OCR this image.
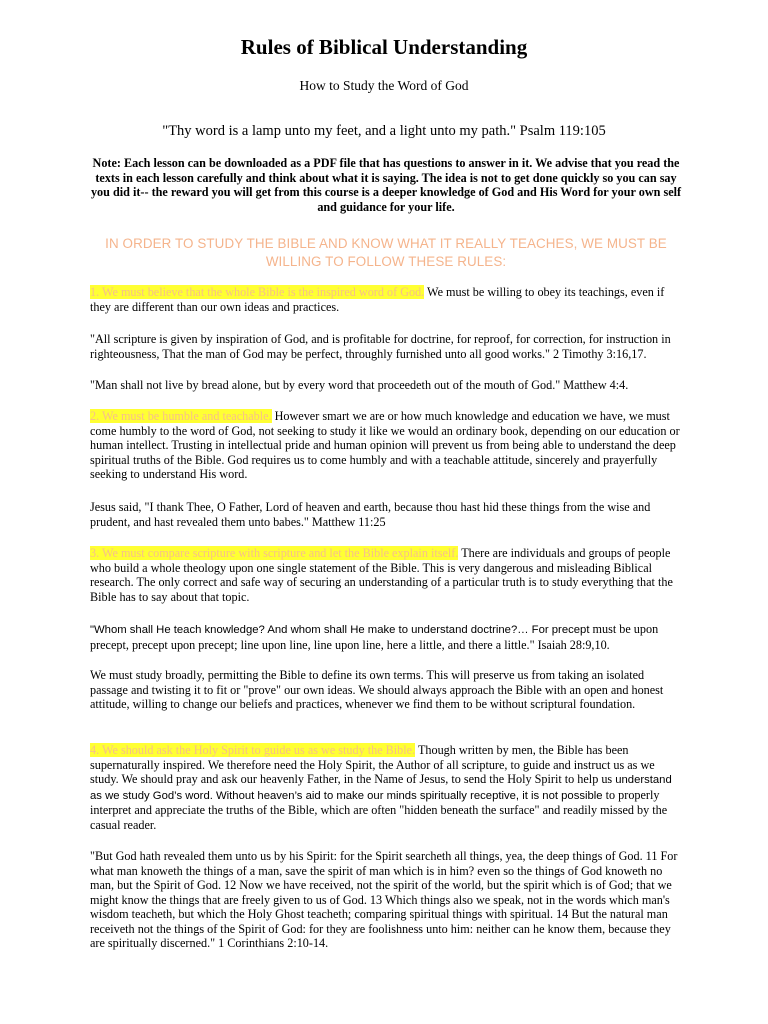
Rules of Biblical Understanding

How to Study the Word of God

"Thy word is a lamp unto my feet, and a light unto my path." Psalm 119:105

Note: Each lesson can be downloaded as a PDF file that has questions to answer in it. We advise that you read the texts in each lesson carefully and think about what it is saying. The idea is not to get done quickly so you can say you did it-- the reward you will get from this course is a deeper knowledge of God and His Word for your own self and guidance for your life.

IN ORDER TO STUDY THE BIBLE AND KNOW WHAT IT REALLY TEACHES, WE MUST BE WILLING TO FOLLOW THESE RULES:

1. We must believe that the whole Bible is the inspired word of God. We must be willing to obey its teachings, even if they are different than our own ideas and practices.

"All scripture is given by inspiration of God, and is profitable for doctrine, for reproof, for correction, for instruction in righteousness, That the man of God may be perfect, throughly furnished unto all good works." 2 Timothy 3:16,17.

"Man shall not live by bread alone, but by every word that proceedeth out of the mouth of God." Matthew 4:4.

2. We must be humble and teachable. However smart we are or how much knowledge and education we have, we must come humbly to the word of God, not seeking to study it like we would an ordinary book, depending on our education or human intellect. Trusting in intellectual pride and human opinion will prevent us from being able to understand the deep spiritual truths of the Bible. God requires us to come humbly and with a teachable attitude, sincerely and prayerfully seeking to understand His word.

Jesus said, "I thank Thee, O Father, Lord of heaven and earth, because thou hast hid these things from the wise and prudent, and hast revealed them unto babes." Matthew 11:25

3. We must compare scripture with scripture and let the Bible explain itself. There are individuals and groups of people who build a whole theology upon one single statement of the Bible. This is very dangerous and misleading Biblical research. The only correct and safe way of securing an understanding of a particular truth is to study everything that the Bible has to say about that topic.

"Whom shall He teach knowledge? And whom shall He make to understand doctrine?… For precept must be upon precept, precept upon precept; line upon line, line upon line, here a little, and there a little." Isaiah 28:9,10.

We must study broadly, permitting the Bible to define its own terms. This will preserve us from taking an isolated passage and twisting it to fit or "prove" our own ideas. We should always approach the Bible with an open and honest attitude, willing to change our beliefs and practices, whenever we find them to be without scriptural foundation.

4. We should ask the Holy Spirit to guide us as we study the Bible. Though written by men, the Bible has been supernaturally inspired. We therefore need the Holy Spirit, the Author of all scripture, to guide and instruct us as we study. We should pray and ask our heavenly Father, in the Name of Jesus, to send the Holy Spirit to help us understand as we study God’s word. Without heaven’s aid to make our minds spiritually receptive, it is not possible to properly interpret and appreciate the truths of the Bible, which are often "hidden beneath the surface" and readily missed by the casual reader.

"But God hath revealed them unto us by his Spirit: for the Spirit searcheth all things, yea, the deep things of God. 11 For what man knoweth the things of a man, save the spirit of man which is in him? even so the things of God knoweth no man, but the Spirit of God. 12 Now we have received, not the spirit of the world, but the spirit which is of God; that we might know the things that are freely given to us of God. 13 Which things also we speak, not in the words which man's wisdom teacheth, but which the Holy Ghost teacheth; comparing spiritual things with spiritual. 14 But the natural man receiveth not the things of the Spirit of God: for they are foolishness unto him: neither can he know them, because they are spiritually discerned." 1 Corinthians 2:10-14.
